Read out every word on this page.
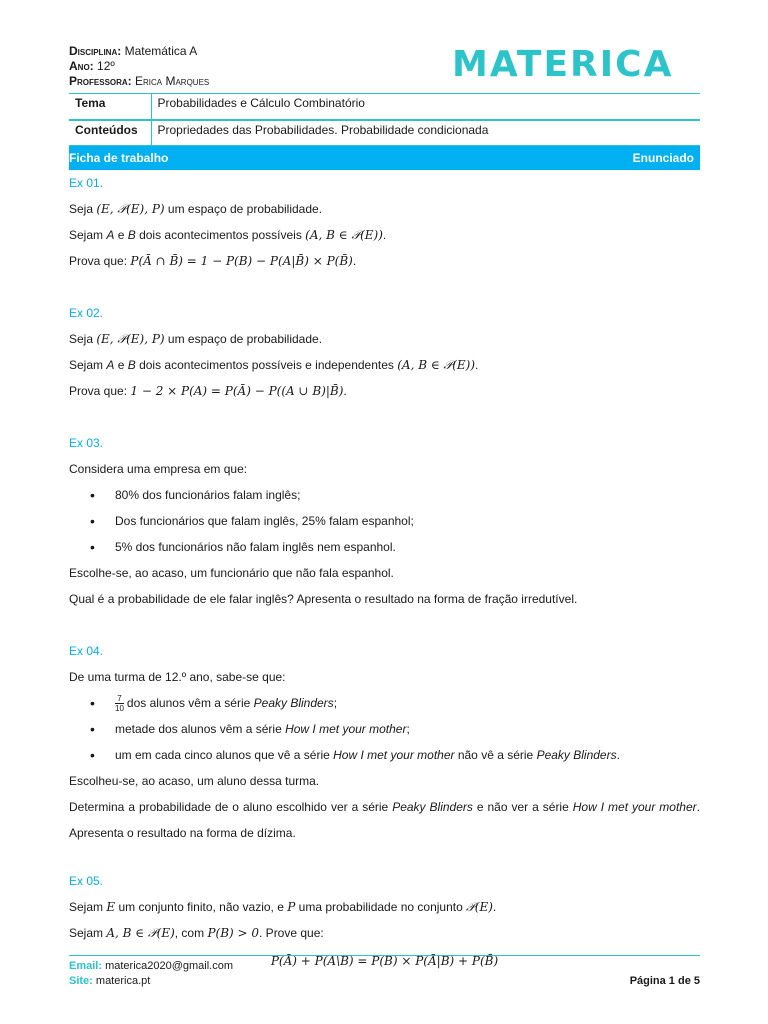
Disciplina: Matemática A
Ano: 12º
Professora: Erica Marques	MATERICA
Tema	Probabilidades e Cálculo Combinatório
Conteúdos	Propriedades das Probabilidades. Probabilidade condicionada
Ficha de trabalho	Enunciado
Ex 01.
Seja (E, 𝒫(E), P) um espaço de probabilidade.
Sejam A e B dois acontecimentos possíveis (A, B ∈ 𝒫(E)).
Prova que: P(Ā ∩ B̄) = 1 − P(B) − P(A|B̄) × P(B̄).
Ex 02.
Seja (E, 𝒫(E), P) um espaço de probabilidade.
Sejam A e B dois acontecimentos possíveis e independentes (A, B ∈ 𝒫(E)).
Prova que: 1 − 2 × P(A) = P(Ā) − P((A ∪ B)|B̄).
Ex 03.
Considera uma empresa em que:
• 80% dos funcionários falam inglês;
• Dos funcionários que falam inglês, 25% falam espanhol;
• 5% dos funcionários não falam inglês nem espanhol.
Escolhe-se, ao acaso, um funcionário que não fala espanhol.
Qual é a probabilidade de ele falar inglês? Apresenta o resultado na forma de fração irredutível.
Ex 04.
De uma turma de 12.º ano, sabe-se que:
• $\frac{7}{10}$ dos alunos vêm a série Peaky Blinders;
• metade dos alunos vêm a série How I met your mother;
• um em cada cinco alunos que vê a série How I met your mother não vê a série Peaky Blinders.
Escolheu-se, ao acaso, um aluno dessa turma.
Determina a probabilidade de o aluno escolhido ver a série Peaky Blinders e não ver a série How I met your mother. Apresenta o resultado na forma de dízima.
Ex 05.
Sejam E um conjunto finito, não vazio, e P uma probabilidade no conjunto 𝒫(E).
Sejam A, B ∈ 𝒫(E), com P(B) > 0. Prove que:
P(Ā) + P(A\B) = P(B) × P(Ā|B) + P(B̄)
Email: materica2020@gmail.com
Site: materica.pt	Página 1 de 5
